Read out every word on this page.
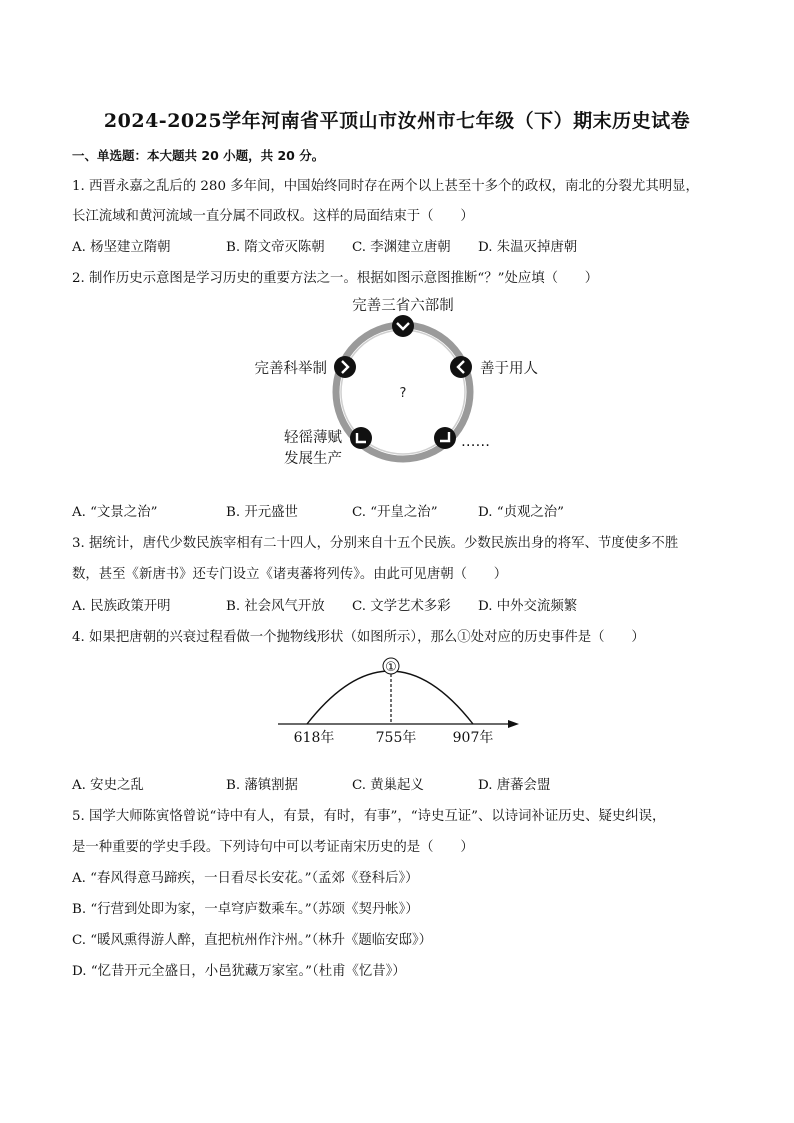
2024-2025学年河南省平顶山市汝州市七年级（下）期末历史试卷
一、单选题：本大题共 20 小题，共 20 分。
1. 西晋永嘉之乱后的 280 多年间，中国始终同时存在两个以上甚至十多个的政权，南北的分裂尤其明显，
长江流域和黄河流域一直分属不同政权。这样的局面结束于（　　）
A. 杨坚建立隋朝	B. 隋文帝灭陈朝 C. 李渊建立唐朝 D. 朱温灭掉唐朝
2. 制作历史示意图是学习历史的重要方法之一。根据如图示意图推断“？”处应填（　　）
?
完善三省六部制
善于用人
完善科举制
轻徭薄赋
发展生产
……
A. “文景之治”	B. 开元盛世	C. “开皇之治”	D. “贞观之治”
3. 据统计，唐代少数民族宰相有二十四人，分别来自十五个民族。少数民族出身的将军、节度使多不胜
数，甚至《新唐书》还专门设立《诸夷蕃将列传》。由此可见唐朝（　　）
A. 民族政策开明	B. 社会风气开放 C. 文学艺术多彩 D. 中外交流频繁
4. 如果把唐朝的兴衰过程看做一个抛物线形状（如图所示），那么①处对应的历史事件是（　　）
①
618年	755年	907年
A. 安史之乱	B. 藩镇割据	C. 黄巢起义	D. 唐蕃会盟
5. 国学大师陈寅恪曾说“诗中有人，有景，有时，有事”，“诗史互证”、以诗词补证历史、疑史纠误，
是一种重要的学史手段。下列诗句中可以考证南宋历史的是（　　）
A. “春风得意马蹄疾，一日看尽长安花。”（孟郊《登科后》）
B. “行营到处即为家，一卓穹庐数乘车。”（苏颂《契丹帐》）
C. “暖风熏得游人醉，直把杭州作汴州。”（林升《题临安邸》）
D. “忆昔开元全盛日，小邑犹藏万家室。”（杜甫《忆昔》）
